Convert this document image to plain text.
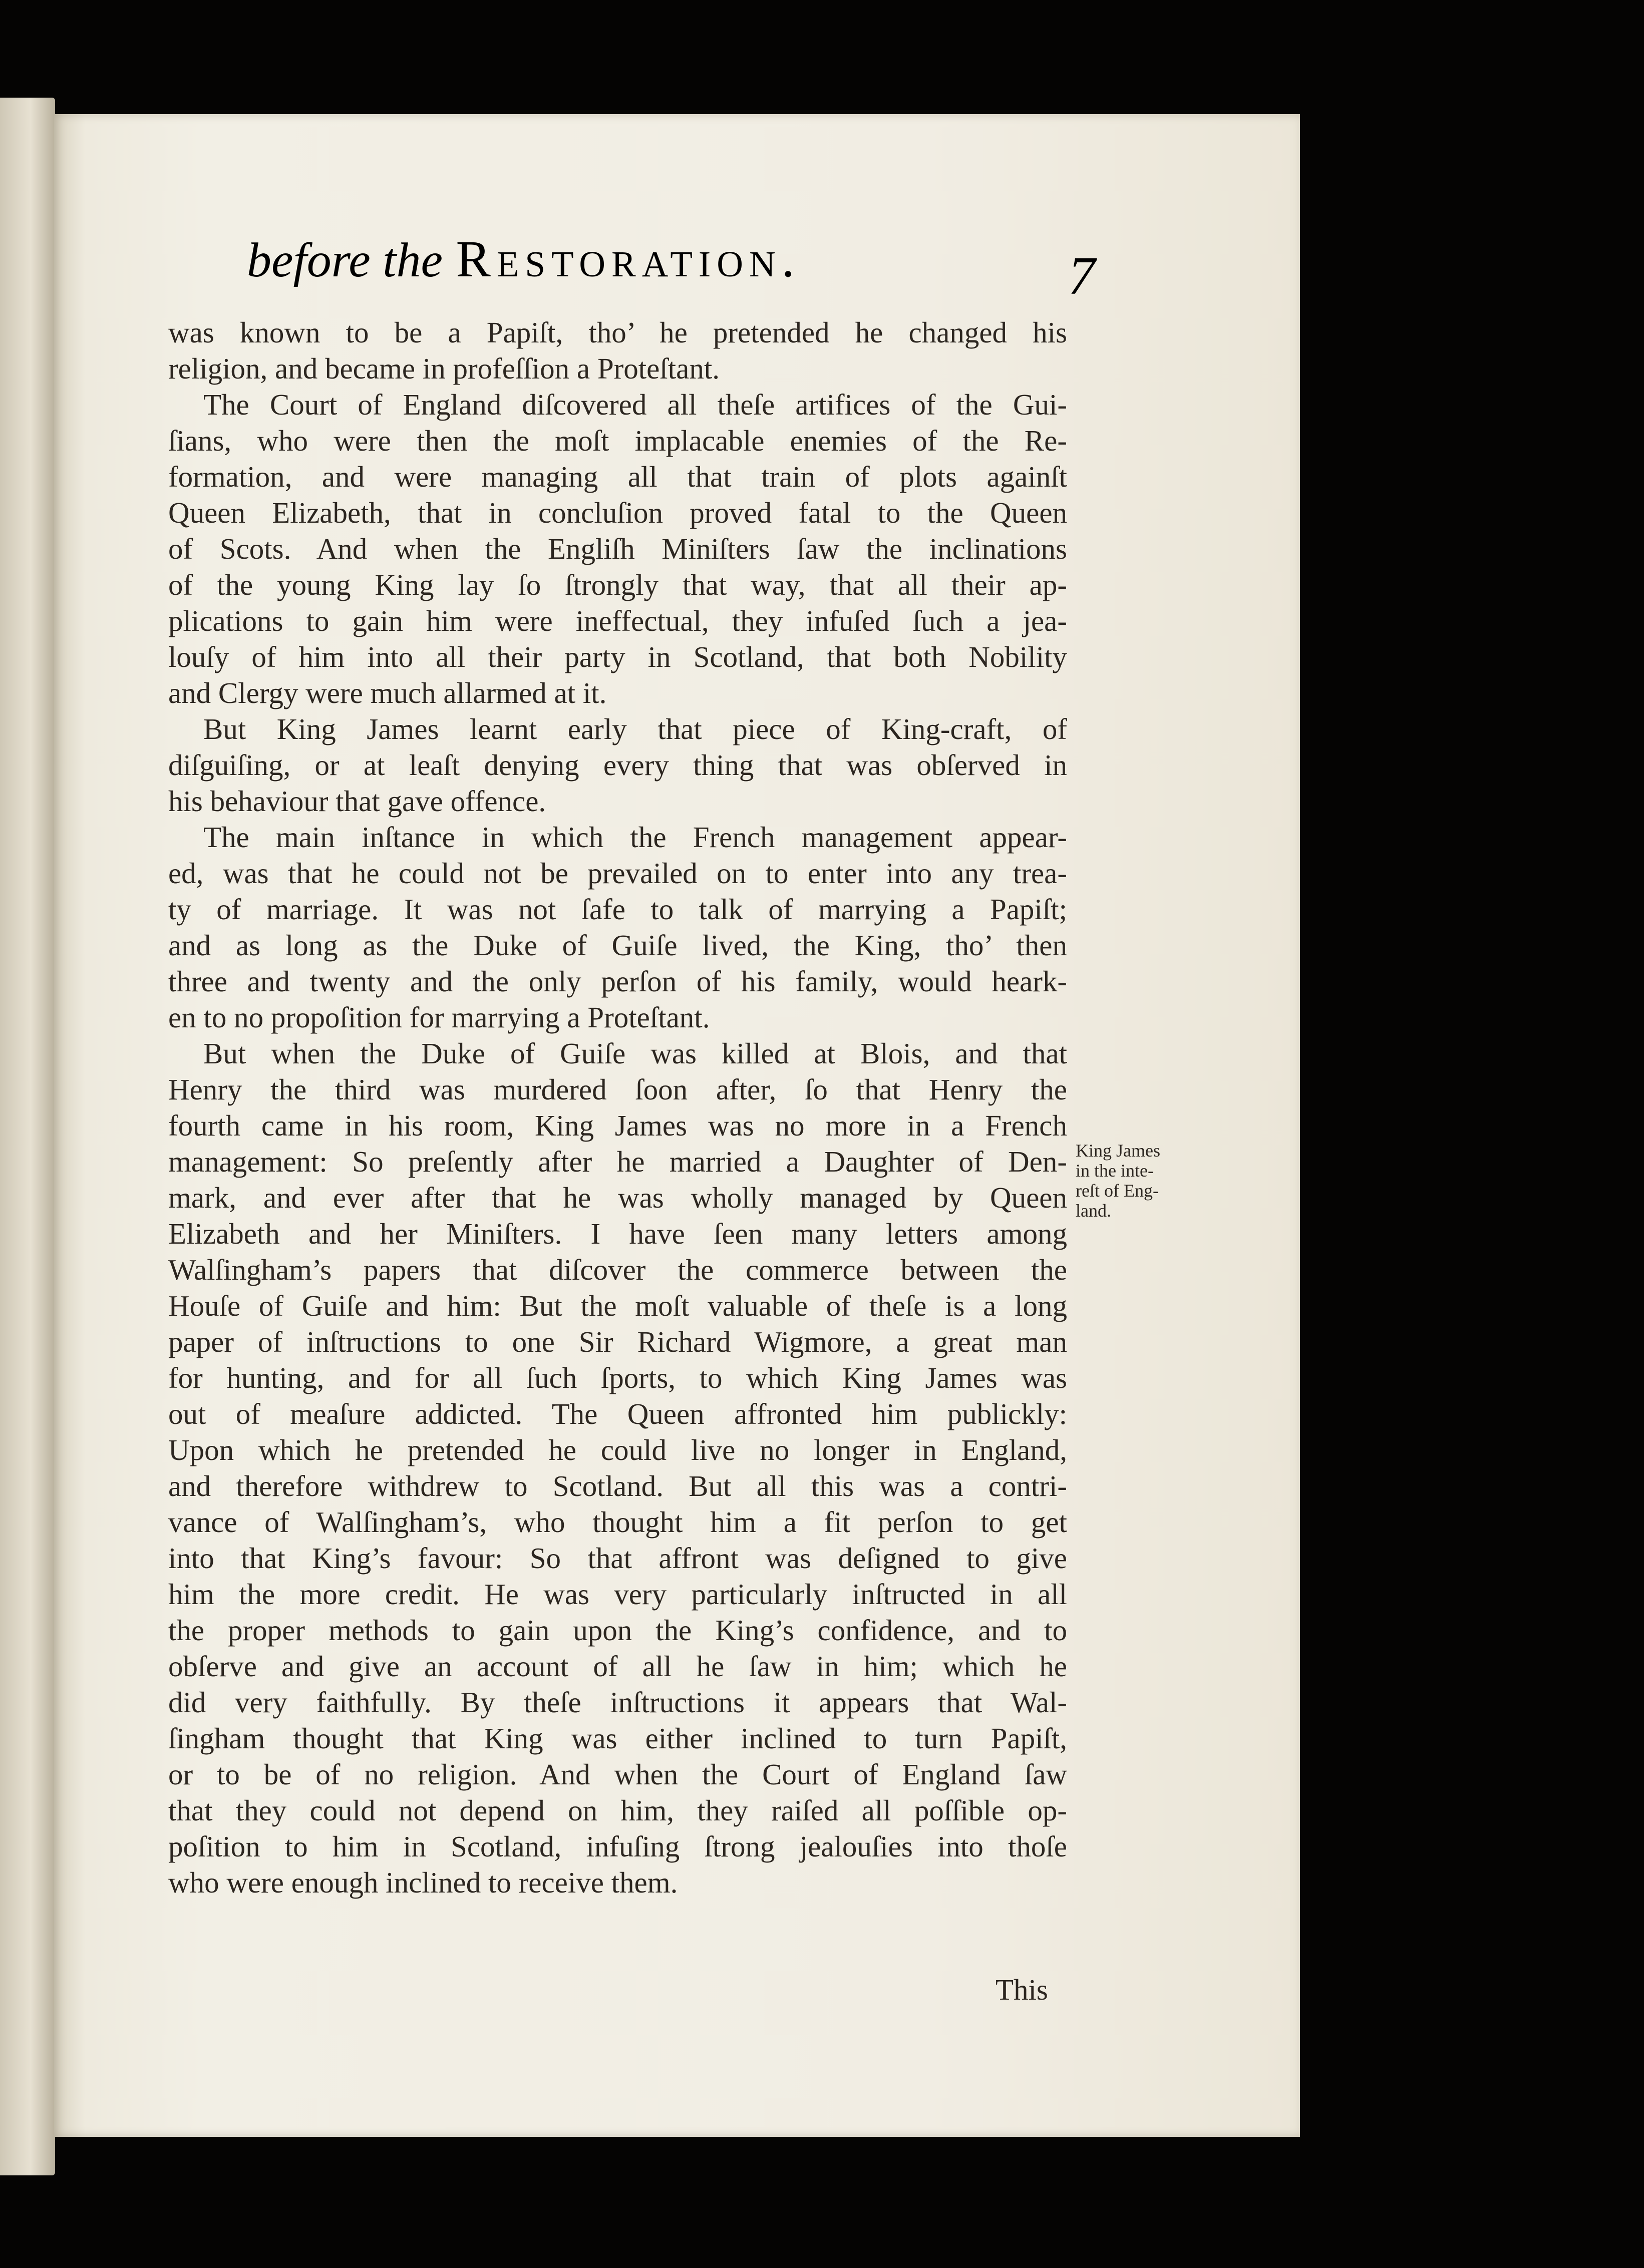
before the Restoration.	7
was known to be a Papiſt, tho’ he pretended he changed his
religion, and became in profeſſion a Proteſtant.
The Court of England diſcovered all theſe artifices of the Gui-
ſians, who were then the moſt implacable enemies of the Re-
formation, and were managing all that train of plots againſt
Queen Elizabeth, that in concluſion proved fatal to the Queen
of Scots. And when the Engliſh Miniſters ſaw the inclinations
of the young King lay ſo ſtrongly that way, that all their ap-
plications to gain him were ineffectual, they infuſed ſuch a jea-
louſy of him into all their party in Scotland, that both Nobility
and Clergy were much allarmed at it.
But King James learnt early that piece of King-craft, of
diſguiſing, or at leaſt denying every thing that was obſerved in
his behaviour that gave offence.
The main inſtance in which the French management appear-
ed, was that he could not be prevailed on to enter into any trea-
ty of marriage. It was not ſafe to talk of marrying a Papiſt;
and as long as the Duke of Guiſe lived, the King, tho’ then
three and twenty and the only perſon of his family, would heark-
en to no propoſition for marrying a Proteſtant.
But when the Duke of Guiſe was killed at Blois, and that
Henry the third was murdered ſoon after, ſo that Henry the
fourth came in his room, King James was no more in a French
management: So preſently after he married a Daughter of Den-
mark, and ever after that he was wholly managed by Queen
Elizabeth and her Miniſters. I have ſeen many letters among
Walſingham’s papers that diſcover the commerce between the
Houſe of Guiſe and him: But the moſt valuable of theſe is a long
paper of inſtructions to one Sir Richard Wigmore, a great man
for hunting, and for all ſuch ſports, to which King James was
out of meaſure addicted. The Queen affronted him publickly:
Upon which he pretended he could live no longer in England,
and therefore withdrew to Scotland. But all this was a contri-
vance of Walſingham’s, who thought him a fit perſon to get
into that King’s favour: So that affront was deſigned to give
him the more credit. He was very particularly inſtructed in all
the proper methods to gain upon the King’s confidence, and to
obſerve and give an account of all he ſaw in him; which he
did very faithfully. By theſe inſtructions it appears that Wal-
ſingham thought that King was either inclined to turn Papiſt,
or to be of no religion. And when the Court of England ſaw
that they could not depend on him, they raiſed all poſſible op-
poſition to him in Scotland, infuſing ſtrong jealouſies into thoſe
who were enough inclined to receive them.
This
King James
in the inte-
reſt of Eng-
land.
